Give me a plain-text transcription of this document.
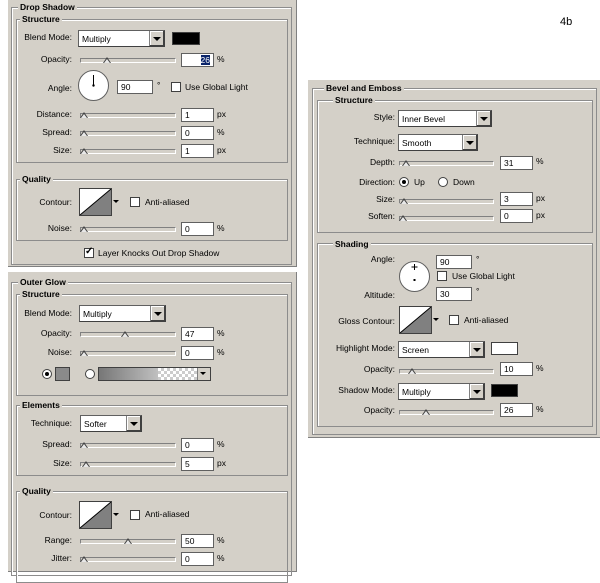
4b
Drop Shadow
Structure
Blend Mode: Multiply
Opacity:	26 %
Angle:	90	°	Use Global Light
Distance:	1	px
Spread:	0	%
Size:	1	px
Quality
Contour:	Anti-aliased
Noise:	0	%
✓ Layer Knocks Out Drop Shadow
Outer Glow
Structure
Blend Mode: Multiply
Opacity:	47	%
Noise:	0	%
Elements
Technique: Softer
Spread:	0	%
Size:	5	px
Quality
Contour:	Anti-aliased
Range:	50	%
Jitter:	0	%
Bevel and Emboss
Structure
Style: Inner Bevel
Technique: Smooth
Depth:	31	%
Direction: Up	Down
Size:	3	px
Soften:	0	px
Shading
Angle:	90	°
Use Global Light
Altitude:	30	°
Gloss Contour:	Anti-aliased
Highlight Mode: Screen
Opacity:	10	%
Shadow Mode: Multiply
Opacity:	26	%
